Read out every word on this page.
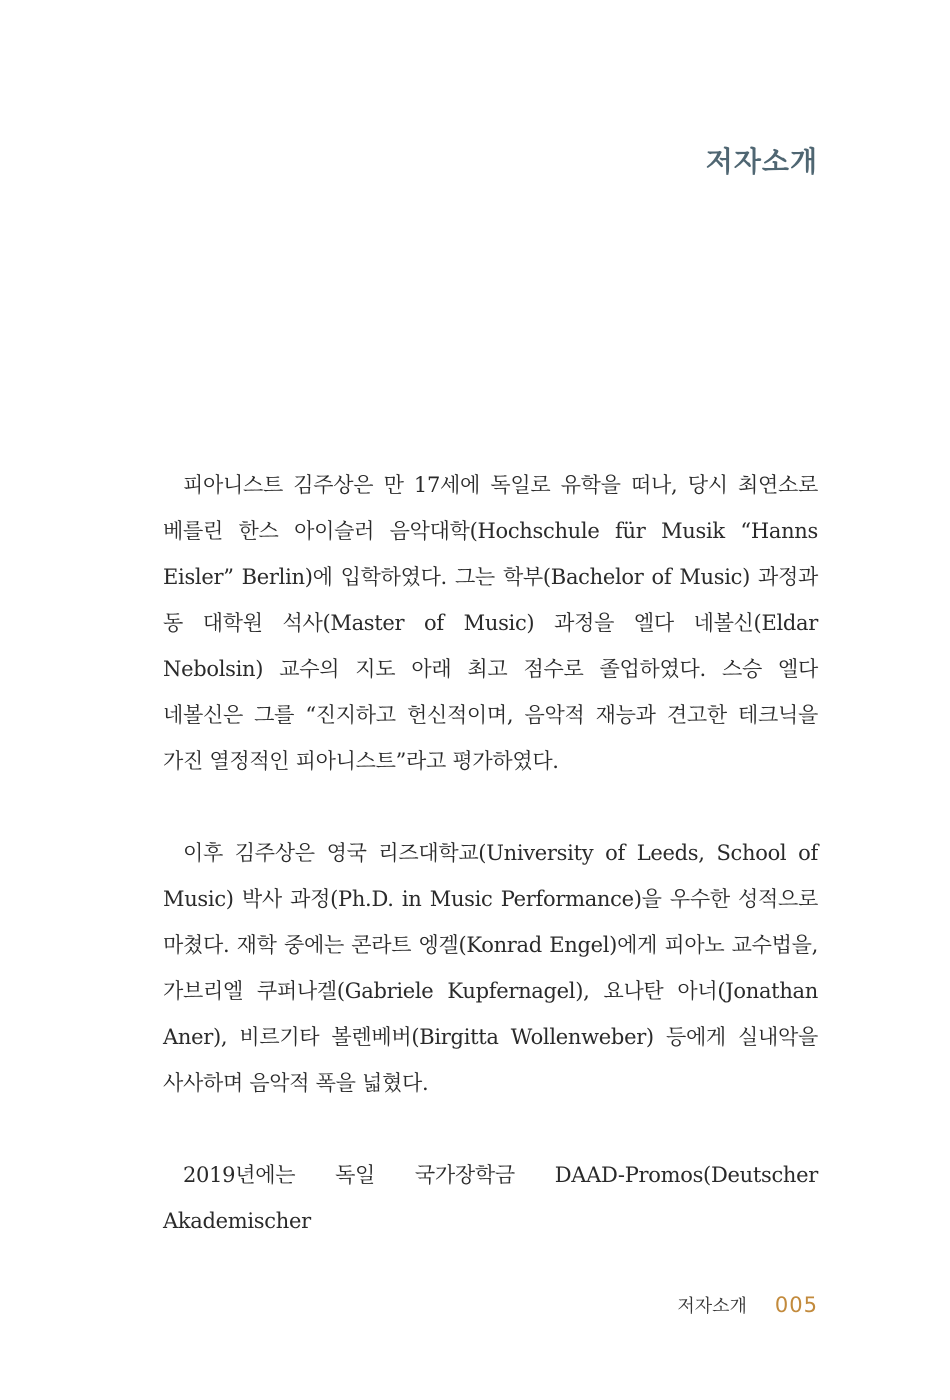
저자소개

피아니스트 김주상은 만 17세에 독일로 유학을 떠나, 당시 최연소로 베를린 한스 아이슬러 음악대학(Hochschule für Musik “Hanns Eisler” Berlin)에 입학하였다. 그는 학부(Bachelor of Music) 과정과 동 대학원 석사(Master of Music) 과정을 엘다 네볼신(Eldar Nebolsin) 교수의 지도 아래 최고 점수로 졸업하였다. 스승 엘다 네볼신은 그를 “진지하고 헌신적이며, 음악적 재능과 견고한 테크닉을 가진 열정적인 피아니스트”라고 평가하였다.

이후 김주상은 영국 리즈대학교(University of Leeds, School of Music) 박사 과정(Ph.D. in Music Performance)을 우수한 성적으로 마쳤다. 재학 중에는 콘라트 엥겔(Konrad Engel)에게 피아노 교수법을, 가브리엘 쿠퍼나겔(Gabriele Kupfernagel), 요나탄 아너(Jonathan Aner), 비르기타 볼렌베버(Birgitta Wollenweber) 등에게 실내악을 사사하며 음악적 폭을 넓혔다.

2019년에는 독일 국가장학금 DAAD-Promos(Deutscher Akademischer

저자소개 005
